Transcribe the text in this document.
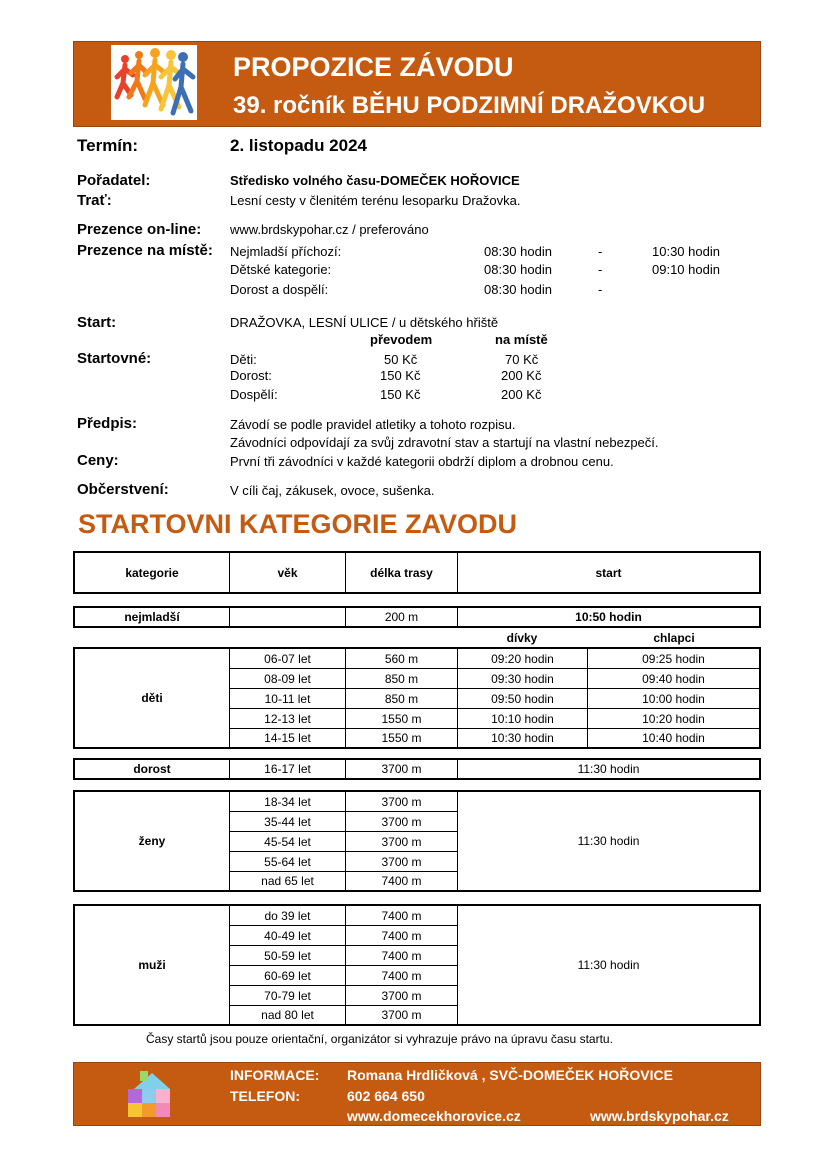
PROPOZICE ZÁVODU
39. ročník BĚHU PODZIMNÍ DRAŽOVKOU
Termín:	2. listopadu 2024
Pořadatel:	Středisko volného času-DOMEČEK HOŘOVICE
Trať:	Lesní cesty v členitém terénu lesoparku Dražovka.
Prezence on-line: www.brdskypohar.cz / preferováno
Prezence na místě: Nejmladší příchozí:	08:30 hodin	-	10:30 hodin
Dětské kategorie:	08:30 hodin	-	09:10 hodin
Dorost a dospělí:	08:30 hodin	-
Start:	DRAŽOVKA, LESNÍ ULICE / u dětského hřiště
převodem	na místě
Startovné:	Děti:	50 Kč	70 Kč
Dorost:	150 Kč	200 Kč
Dospělí:	150 Kč	200 Kč
Předpis:	Závodí se podle pravidel atletiky a tohoto rozpisu.
Závodníci odpovídají za svůj zdravotní stav a startují na vlastní nebezpečí.
Ceny:	První tři závodníci v každé kategorii obdrží diplom a drobnou cenu.
Občerstvení:	V cíli čaj, zákusek, ovoce, sušenka.
STARTOVNI KATEGORIE ZAVODU
kategorie	věk	délka trasy	start
nejmladší	200 m	10:50 hodin
dívky	chlapci
děti
06-07 let	560 m	09:20 hodin	09:25 hodin
08-09 let	850 m	09:30 hodin	09:40 hodin
10-11 let	850 m	09:50 hodin	10:00 hodin
12-13 let	1550 m	10:10 hodin	10:20 hodin
14-15 let	1550 m	10:30 hodin	10:40 hodin
dorost	16-17 let	3700 m	11:30 hodin
ženy
18-34 let	3700 m
35-44 let	3700 m
45-54 let	3700 m
55-64 let	3700 m
nad 65 let	7400 m
11:30 hodin
muži
do 39 let	7400 m
40-49 let	7400 m
50-59 let	7400 m
60-69 let	7400 m
70-79 let	3700 m
nad 80 let	3700 m
11:30 hodin
Časy startů jsou pouze orientační, organizátor si vyhrazuje právo na úpravu času startu.
INFORMACE: Romana Hrdličková , SVČ-DOMEČEK HOŘOVICE
TELEFON:	602 664 650
www.domecekhorovice.cz	www.brdskypohar.cz
